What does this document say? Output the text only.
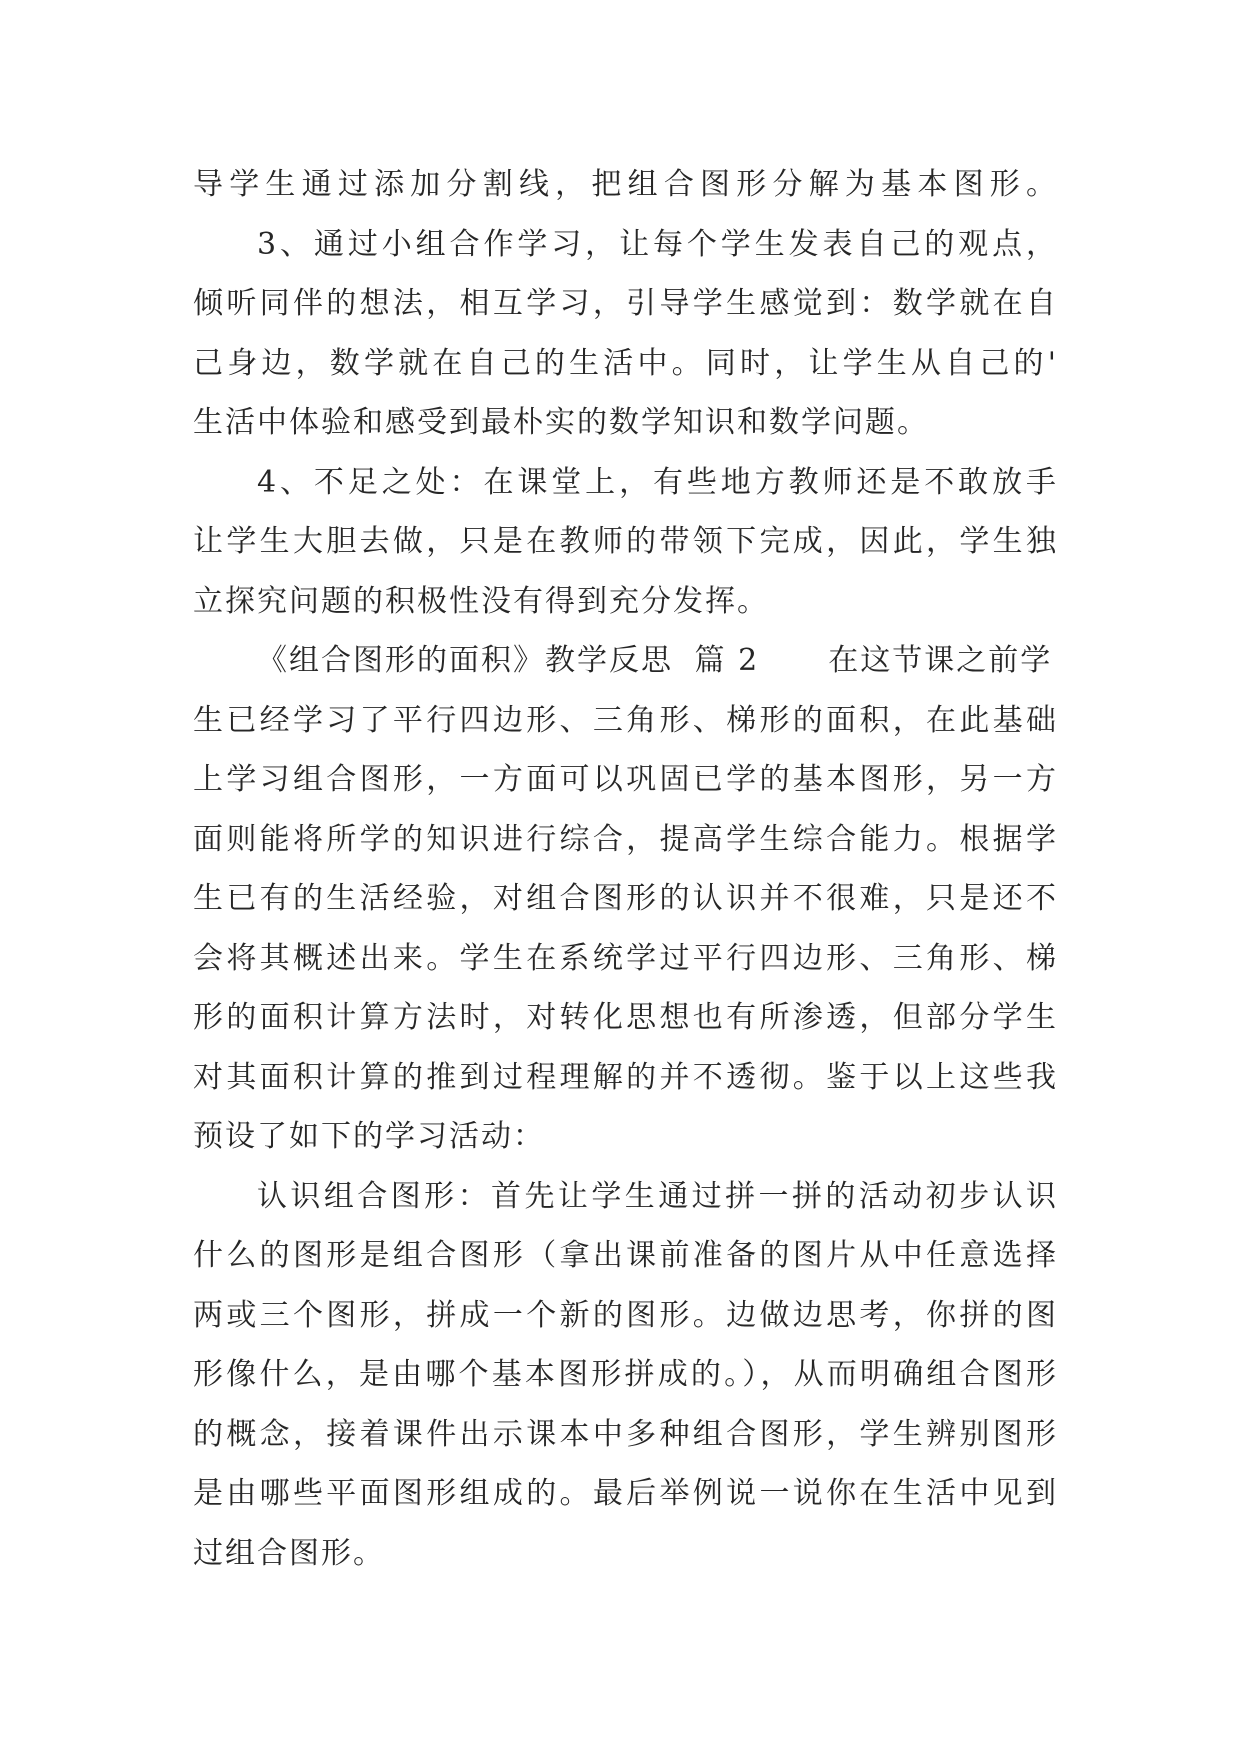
导学生通过添加分割线，把组合图形分解为基本图形。
3、通过小组合作学习，让每个学生发表自己的观点，
倾听同伴的想法，相互学习，引导学生感觉到：数学就在自
己身边，数学就在自己的生活中。同时，让学生从自己的'
生活中体验和感受到最朴实的数学知识和数学问题。
4、不足之处：在课堂上，有些地方教师还是不敢放手
让学生大胆去做，只是在教师的带领下完成，因此，学生独
立探究问题的积极性没有得到充分发挥。
《组合图形的面积》教学反思 篇 2 在这节课之前学
生已经学习了平行四边形、三角形、梯形的面积，在此基础
上学习组合图形，一方面可以巩固已学的基本图形，另一方
面则能将所学的知识进行综合，提高学生综合能力。根据学
生已有的生活经验，对组合图形的认识并不很难，只是还不
会将其概述出来。学生在系统学过平行四边形、三角形、梯
形的面积计算方法时，对转化思想也有所渗透，但部分学生
对其面积计算的推到过程理解的并不透彻。鉴于以上这些我
预设了如下的学习活动：
认识组合图形：首先让学生通过拼一拼的活动初步认识
什么的图形是组合图形（拿出课前准备的图片从中任意选择
两或三个图形，拼成一个新的图形。边做边思考，你拼的图
形像什么，是由哪个基本图形拼成的。），从而明确组合图形
的概念，接着课件出示课本中多种组合图形，学生辨别图形
是由哪些平面图形组成的。最后举例说一说你在生活中见到
过组合图形。
